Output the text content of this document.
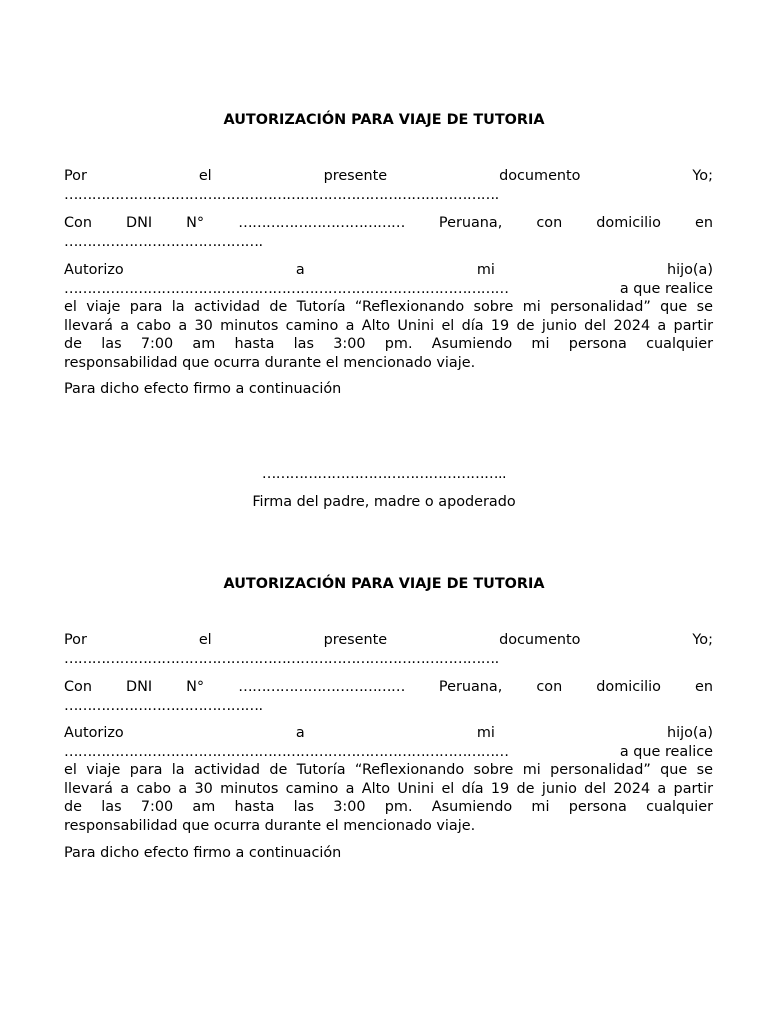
AUTORIZACIÓN PARA VIAJE DE TUTORIA
Por	el	presente	documento	Yo;
………………………………………………………………………………….
Con DNI N° ……………………………… Peruana, con domicilio en
…………………………………….
Autorizo	a	mi	hijo(a)
……………………………………………………………………………………	a que realice
el viaje para la actividad de Tutoría “Reflexionando sobre mi personalidad” que se
llevará a cabo a 30 minutos camino a Alto Unini el día 19 de junio del 2024 a partir
de las 7:00 am hasta las 3:00 pm. Asumiendo mi persona cualquier
responsabilidad que ocurra durante el mencionado viaje.
Para dicho efecto firmo a continuación
……………………………………………..
Firma del padre, madre o apoderado
AUTORIZACIÓN PARA VIAJE DE TUTORIA
Por	el	presente	documento	Yo;
………………………………………………………………………………….
Con DNI N° ……………………………… Peruana, con domicilio en
…………………………………….
Autorizo	a	mi	hijo(a)
……………………………………………………………………………………	a que realice
el viaje para la actividad de Tutoría “Reflexionando sobre mi personalidad” que se
llevará a cabo a 30 minutos camino a Alto Unini el día 19 de junio del 2024 a partir
de las 7:00 am hasta las 3:00 pm. Asumiendo mi persona cualquier
responsabilidad que ocurra durante el mencionado viaje.
Para dicho efecto firmo a continuación
